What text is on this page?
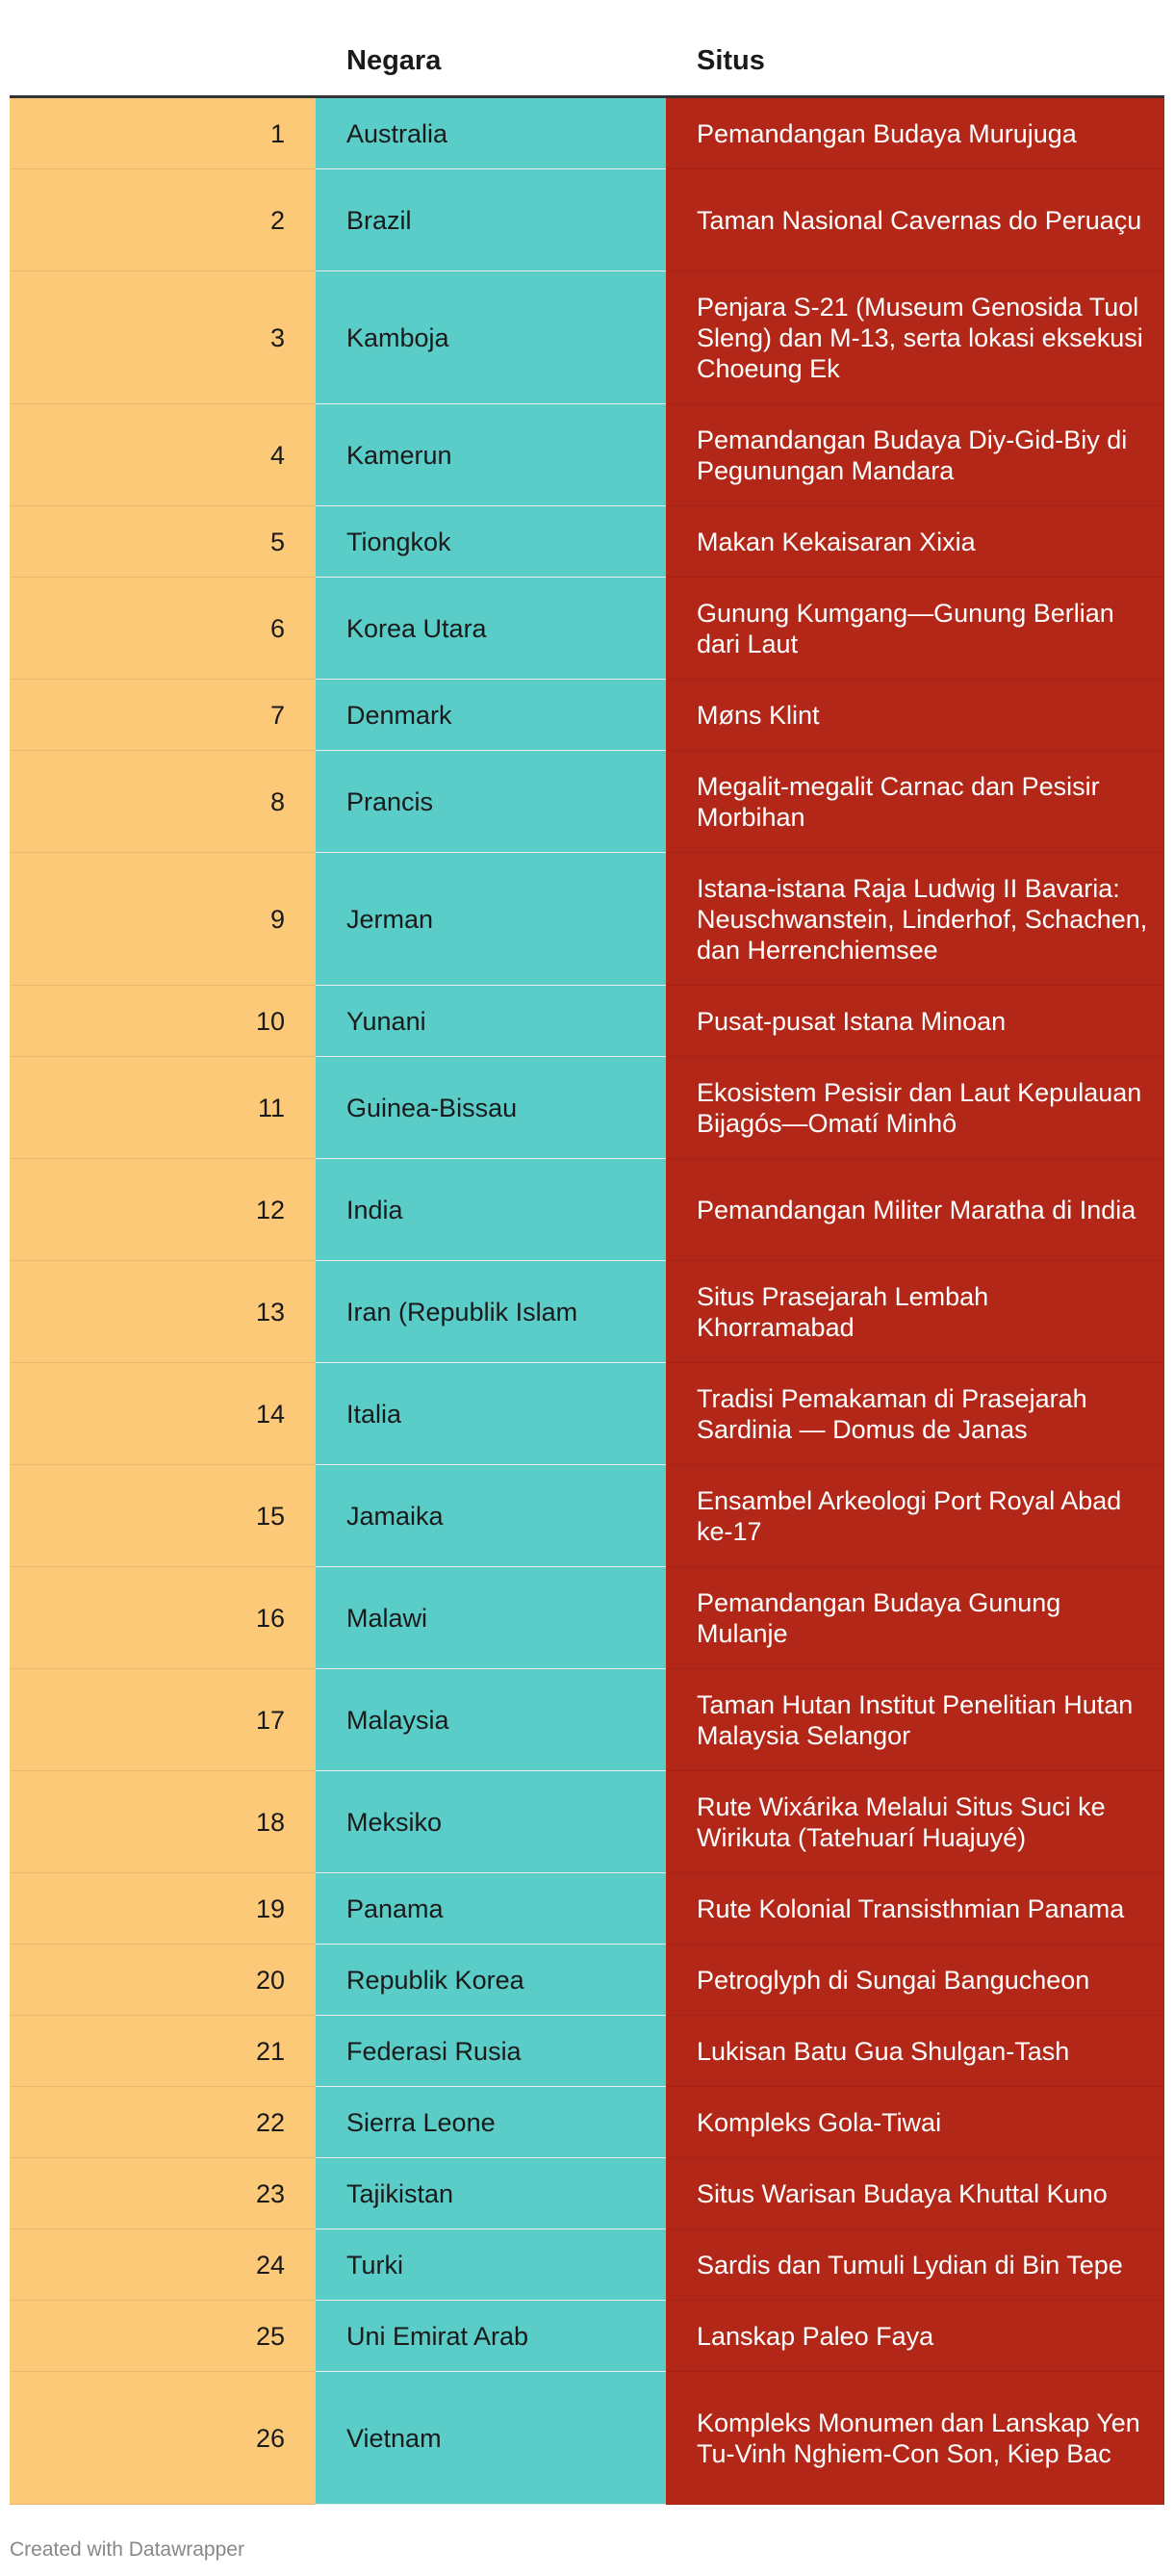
	Negara	Situs
1	Australia	Pemandangan Budaya Murujuga
2	Brazil	Taman Nasional Cavernas do Peruaçu
3	Kamboja	Penjara S-21 (Museum Genosida Tuol Sleng) dan M-13, serta lokasi eksekusi Choeung Ek
4	Kamerun	Pemandangan Budaya Diy-Gid-Biy di Pegunungan Mandara
5	Tiongkok	Makan Kekaisaran Xixia
6	Korea Utara	Gunung Kumgang—Gunung Berlian dari Laut
7	Denmark	Møns Klint
8	Prancis	Megalit-megalit Carnac dan Pesisir Morbihan
9	Jerman	Istana-istana Raja Ludwig II Bavaria: Neuschwanstein, Linderhof, Schachen, dan Herrenchiemsee
10	Yunani	Pusat-pusat Istana Minoan
11	Guinea-Bissau	Ekosistem Pesisir dan Laut Kepulauan Bijagós—Omatí Minhô
12	India	Pemandangan Militer Maratha di India
13	Iran (Republik Islam	Situs Prasejarah Lembah Khorramabad
14	Italia	Tradisi Pemakaman di Prasejarah Sardinia — Domus de Janas
15	Jamaika	Ensambel Arkeologi Port Royal Abad ke-17
16	Malawi	Pemandangan Budaya Gunung Mulanje
17	Malaysia	Taman Hutan Institut Penelitian Hutan Malaysia Selangor
18	Meksiko	Rute Wixárika Melalui Situs Suci ke Wirikuta (Tatehuarí Huajuyé)
19	Panama	Rute Kolonial Transisthmian Panama
20	Republik Korea	Petroglyph di Sungai Bangucheon
21	Federasi Rusia	Lukisan Batu Gua Shulgan-Tash
22	Sierra Leone	Kompleks Gola-Tiwai
23	Tajikistan	Situs Warisan Budaya Khuttal Kuno
24	Turki	Sardis dan Tumuli Lydian di Bin Tepe
25	Uni Emirat Arab	Lanskap Paleo Faya
26	Vietnam	Kompleks Monumen dan Lanskap Yen Tu-Vinh Nghiem-Con Son, Kiep Bac
Created with Datawrapper
